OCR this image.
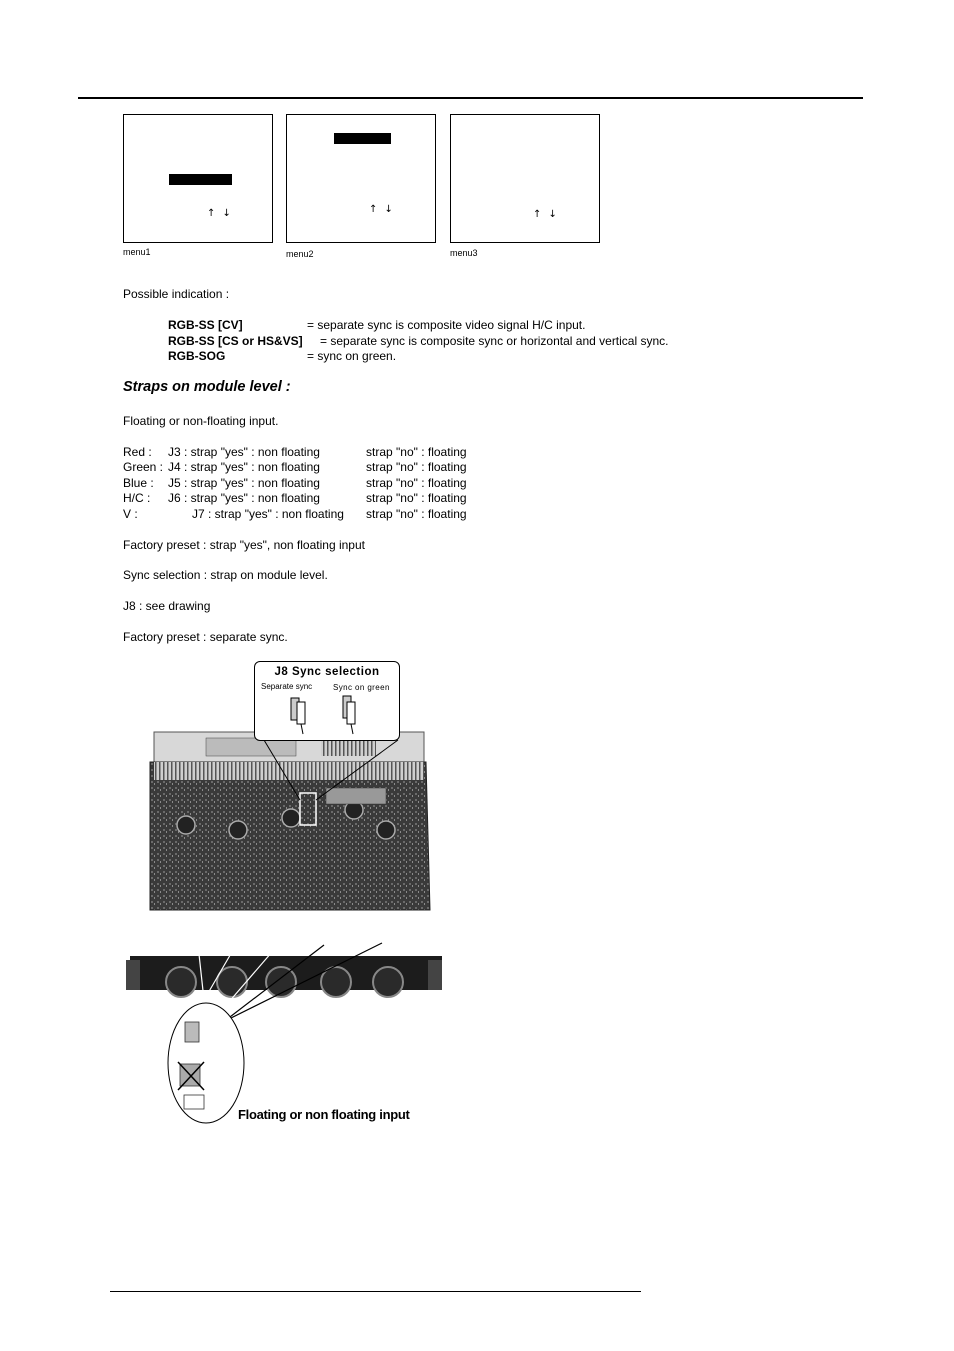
↑ ↓
menu1
↑ ↓
menu2
↑ ↓
menu3
Possible indication :
RGB-SS [CV]	= separate sync is composite video signal H/C input.
RGB-SS [CS or HS&VS] = separate sync is composite sync or horizontal and vertical sync.
RGB-SOG	= sync on green.
Straps on module level :
Floating or non-floating input.
Red : J3 : strap "yes" : non floating	strap "no" : floating
Green : J4 : strap "yes" : non floating	strap "no" : floating
Blue : J5 : strap "yes" : non floating	strap "no" : floating
H/C : J6 : strap "yes" : non floating	strap "no" : floating
V :	J7 : strap "yes" : non floating strap "no" : floating
Factory preset : strap "yes", non floating input
Sync selection : strap on module level.
J8 : see drawing
Factory preset : separate sync.
J8 Sync selection
Separate sync	Sync on green
J3	J4	J5	J6	J7
Floating or non floating input
